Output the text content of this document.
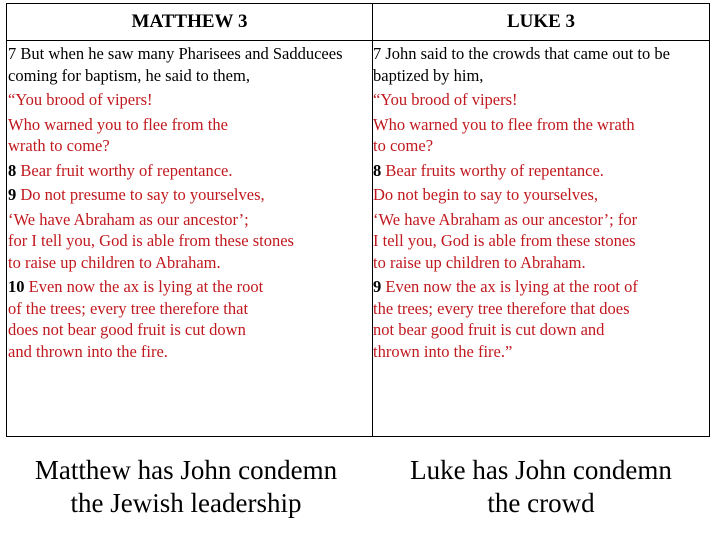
MATTHEW 3	LUKE 3
7 But when he saw many Pharisees and Sadducees coming for baptism, he said to them,
“You brood of vipers!
Who warned you to flee from the
wrath to come?
8 Bear fruit worthy of repentance.
9 Do not presume to say to yourselves,
‘We have Abraham as our ancestor’;
for I tell you, God is able from these stones
to raise up children to Abraham.
10 Even now the ax is lying at the root
of the trees; every tree therefore that
does not bear good fruit is cut down
and thrown into the fire.
7 John said to the crowds that came out to be baptized by him,
“You brood of vipers!
Who warned you to flee from the wrath
to come?
8 Bear fruits worthy of repentance.
Do not begin to say to yourselves,
‘We have Abraham as our ancestor’; for
I tell you, God is able from these stones
to raise up children to Abraham.
9 Even now the ax is lying at the root of
the trees; every tree therefore that does
not bear good fruit is cut down and
thrown into the fire.”
Matthew has John condemn
the Jewish leadership
Luke has John condemn
the crowd
